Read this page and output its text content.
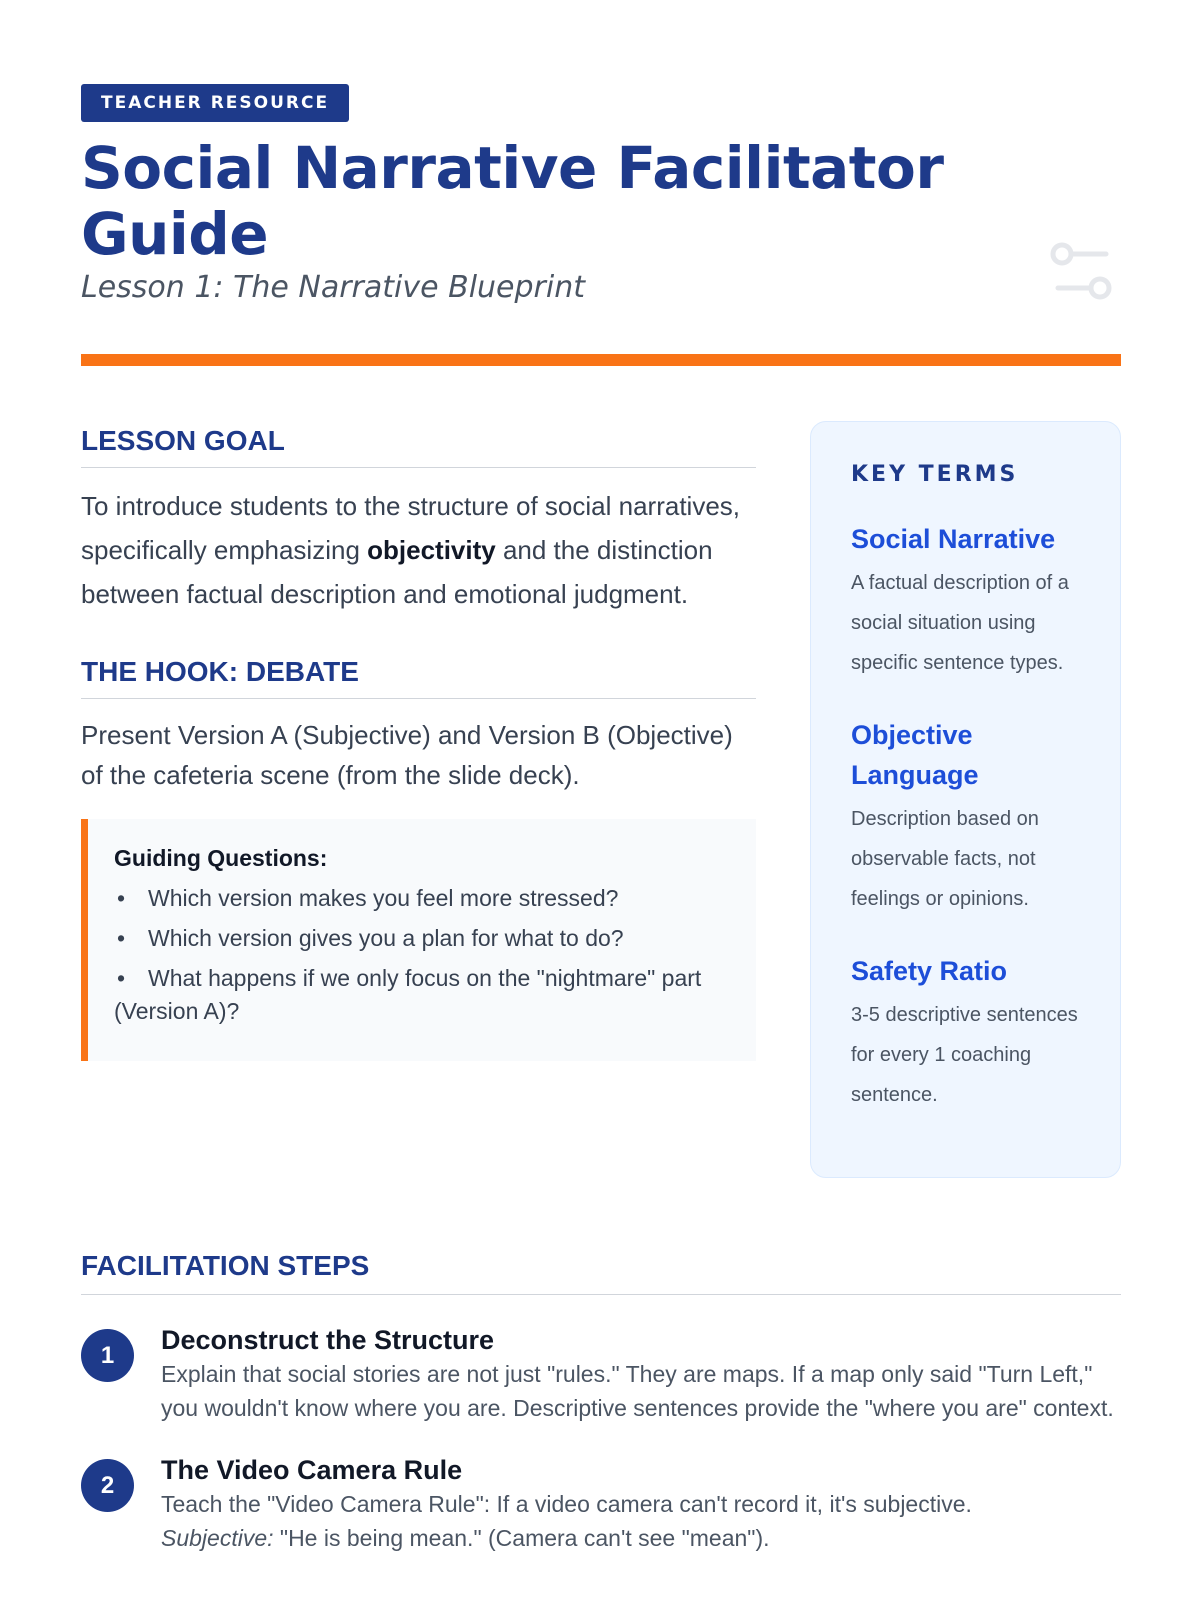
TEACHER RESOURCE
Social Narrative Facilitator Guide
Lesson 1: The Narrative Blueprint
LESSON GOAL

To introduce students to the structure of social narratives, specifically emphasizing objectivity and the distinction between factual description and emotional judgment.

THE HOOK: DEBATE

Present Version A (Subjective) and Version B (Objective) of the cafeteria scene (from the slide deck).

Guiding Questions:
• Which version makes you feel more stressed?
• Which version gives you a plan for what to do?
• What happens if we only focus on the "nightmare" part (Version A)?
KEY TERMS
Social Narrative
A factual description of a social situation using specific sentence types.
Objective Language
Description based on observable facts, not feelings or opinions.
Safety Ratio
3-5 descriptive sentences for every 1 coaching sentence.
FACILITATION STEPS
1
Deconstruct the Structure
Explain that social stories are not just "rules." They are maps. If a map only said "Turn Left," you wouldn't know where you are. Descriptive sentences provide the "where you are" context.
2
The Video Camera Rule
Teach the "Video Camera Rule": If a video camera can't record it, it's subjective.
Subjective: "He is being mean." (Camera can't see "mean").
